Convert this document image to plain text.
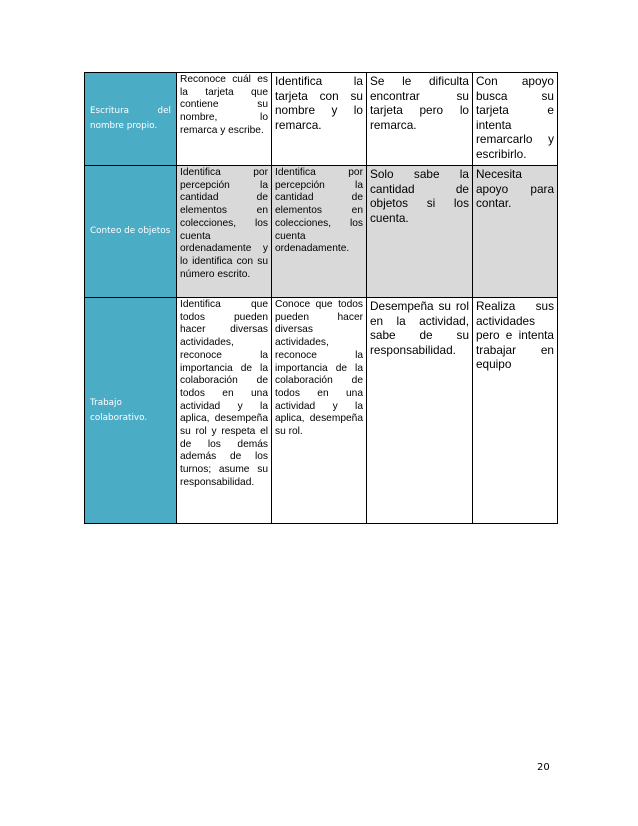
Escritura del nombre propio.	Reconoce cuál es la tarjeta que contiene su nombre, lo remarca y escribe.	Identifica la tarjeta con su nombre y lo remarca.	Se le dificulta encontrar su tarjeta pero lo remarca.	Con apoyo busca su tarjeta e intenta remarcarlo y escribirlo.
Conteo de objetos	Identifica por percepción la cantidad de elementos en colecciones, los cuenta ordenadamente y lo identifica con su número escrito.	Identifica por percepción la cantidad de elementos en colecciones, los cuenta ordenadamente.	Solo sabe la cantidad de objetos si los cuenta.	Necesita apoyo para contar.
Trabajo colaborativo.	Identifica que todos pueden hacer diversas actividades, reconoce la importancia de la colaboración de todos en una actividad y la aplica, desempeña su rol y respeta el de los demás además de los turnos; asume su responsabilidad.	Conoce que todos pueden hacer diversas actividades, reconoce la importancia de la colaboración de todos en una actividad y la aplica, desempeña su rol.	Desempeña su rol en la actividad, sabe de su responsabilidad.	Realiza sus actividades pero e intenta trabajar en equipo
20
